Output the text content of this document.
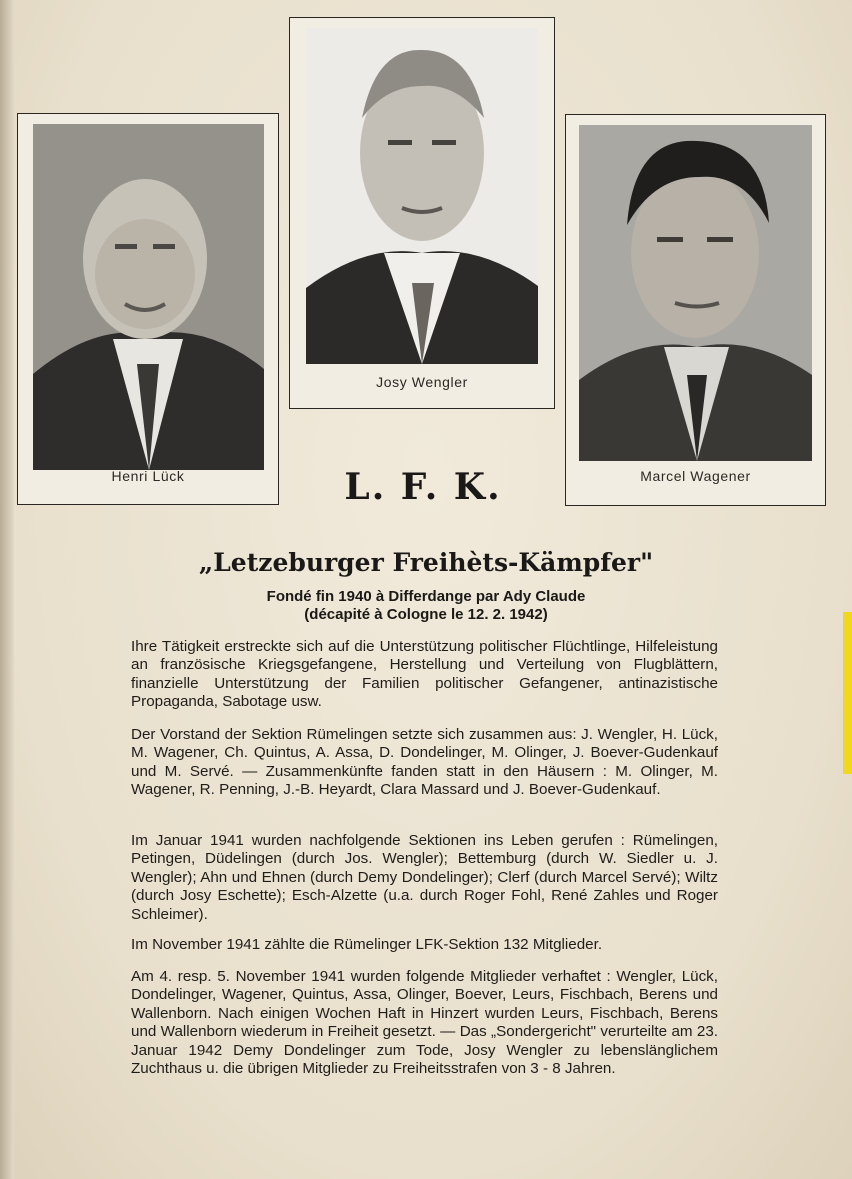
Henri Lück
Josy Wengler
Marcel Wagener
L. F. K.
„Letzeburger Freihèts-Kämpfer"
Fondé fin 1940 à Differdange par Ady Claude
(décapité à Cologne le 12. 2. 1942)

Ihre Tätigkeit erstreckte sich auf die Unterstützung politischer Flüchtlinge, Hilfeleistung an französische Kriegsgefangene, Herstellung und Verteilung von Flugblättern, finanzielle Unterstützung der Familien politischer Gefangener, antinazistische Propaganda, Sabotage usw.

Der Vorstand der Sektion Rümelingen setzte sich zusammen aus: J. Wengler, H. Lück, M. Wagener, Ch. Quintus, A. Assa, D. Dondelinger, M. Olinger, J. Boever-Gudenkauf und M. Servé. — Zusammenkünfte fanden statt in den Häusern : M. Olinger, M. Wagener, R. Penning, J.-B. Heyardt, Clara Massard und J. Boever-Gudenkauf.

Im Januar 1941 wurden nachfolgende Sektionen ins Leben gerufen : Rümelingen, Petingen, Düdelingen (durch Jos. Wengler); Bettemburg (durch W. Siedler u. J. Wengler); Ahn und Ehnen (durch Demy Dondelinger); Clerf (durch Marcel Servé); Wiltz (durch Josy Eschette); Esch-Alzette (u.a. durch Roger Fohl, René Zahles und Roger Schleimer).

Im November 1941 zählte die Rümelinger LFK-Sektion 132 Mitglieder.

Am 4. resp. 5. November 1941 wurden folgende Mitglieder verhaftet : Wengler, Lück, Dondelinger, Wagener, Quintus, Assa, Olinger, Boever, Leurs, Fischbach, Berens und Wallenborn. Nach einigen Wochen Haft in Hinzert wurden Leurs, Fischbach, Berens und Wallenborn wiederum in Freiheit gesetzt. — Das „Sondergericht" verurteilte am 23. Januar 1942 Demy Dondelinger zum Tode, Josy Wengler zu lebenslänglichem Zuchthaus u. die übrigen Mitglieder zu Freiheitsstrafen von 3 - 8 Jahren.
